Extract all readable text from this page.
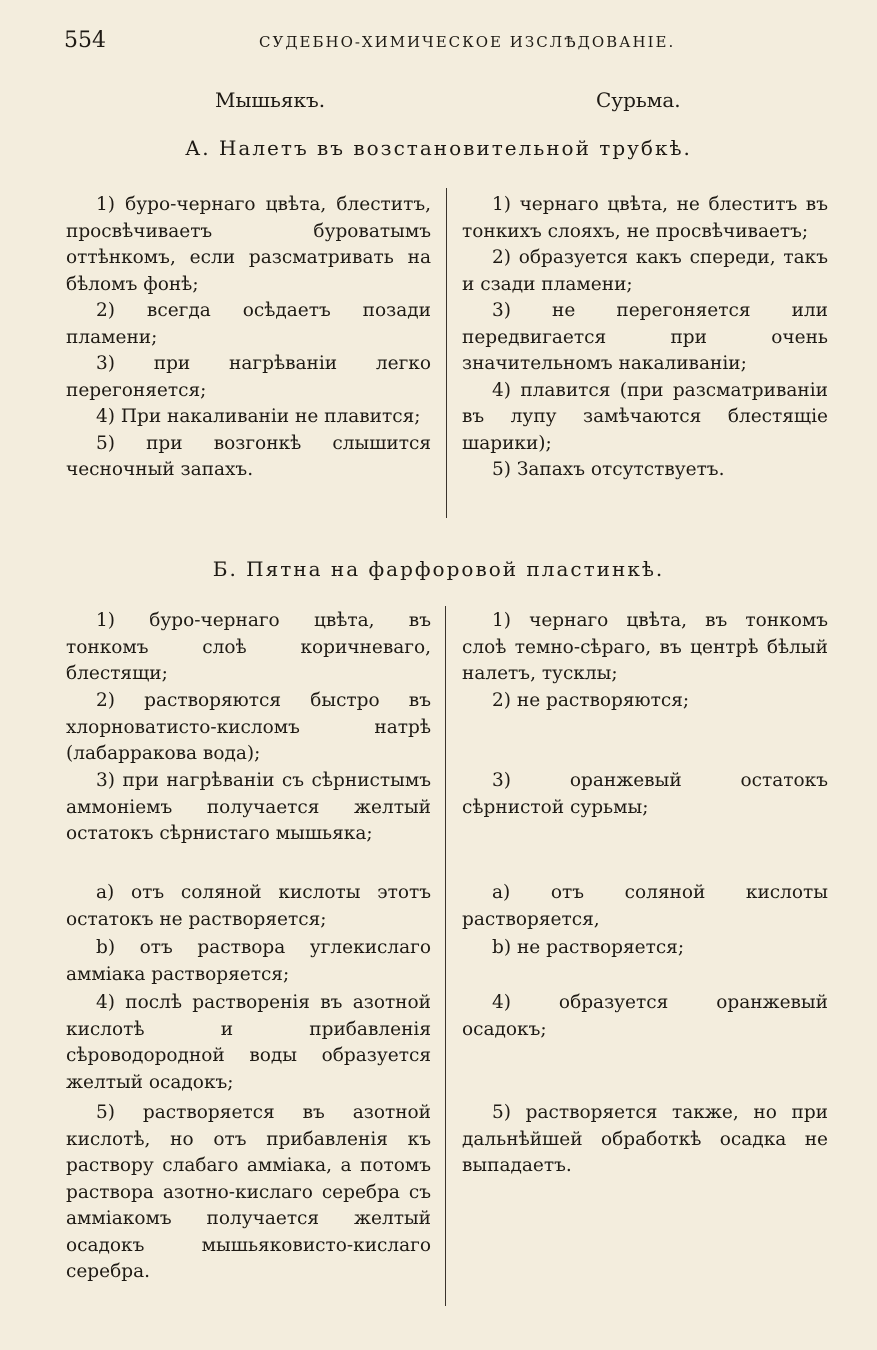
554	СУДЕБНО-ХИМИЧЕСКОЕ ИЗСЛѢДОВАНІЕ.
Мышьякъ.	Сурьма.
А. Налетъ въ возстановительной трубкѣ.

1) буро-чернаго цвѣта, блеститъ, просвѣчиваетъ буроватымъ оттѣнкомъ, если разсматривать на бѣломъ фонѣ;

2) всегда осѣдаетъ позади пламени;

3) при нагрѣваніи легко перегоняется;

4) При накаливаніи не плавится;

5) при возгонкѣ слышится чесночный запахъ.

1) чернаго цвѣта, не блеститъ въ тонкихъ слояхъ, не просвѣчиваетъ;

2) образуется какъ спереди, такъ и сзади пламени;

3) не перегоняется или передвигается при очень значительномъ накаливаніи;

4) плавится (при разсматриваніи въ лупу замѣчаются блестящіе шарики);

5) Запахъ отсутствуетъ.

Б. Пятна на фарфоровой пластинкѣ.

1) буро-чернаго цвѣта, въ тонкомъ слоѣ коричневаго, блестящи;

2) растворяются быстро въ хлорноватисто-кисломъ натрѣ (лабарракова вода);

3) при нагрѣваніи съ сѣрнистымъ аммоніемъ получается желтый остатокъ сѣрнистаго мышьяка;

a) отъ соляной кислоты этотъ остатокъ не растворяется;

b) отъ раствора углекислаго амміака растворяется;

4) послѣ растворенія въ азотной кислотѣ и прибавленія сѣроводородной воды образуется желтый осадокъ;

5) растворяется въ азотной кислотѣ, но отъ прибавленія къ раствору слабаго амміака, а потомъ раствора азотно-кислаго серебра съ амміакомъ получается желтый осадокъ мышьяковисто-кислаго серебра.

1) чернаго цвѣта, въ тонкомъ слоѣ темно-сѣраго, въ центрѣ бѣлый налетъ, тусклы;

2) не растворяются;

3) оранжевый остатокъ сѣрнистой сурьмы;

a) отъ соляной кислоты растворяется,

b) не растворяется;

4) образуется оранжевый осадокъ;

5) растворяется также, но при дальнѣйшей обработкѣ осадка не выпадаетъ.
